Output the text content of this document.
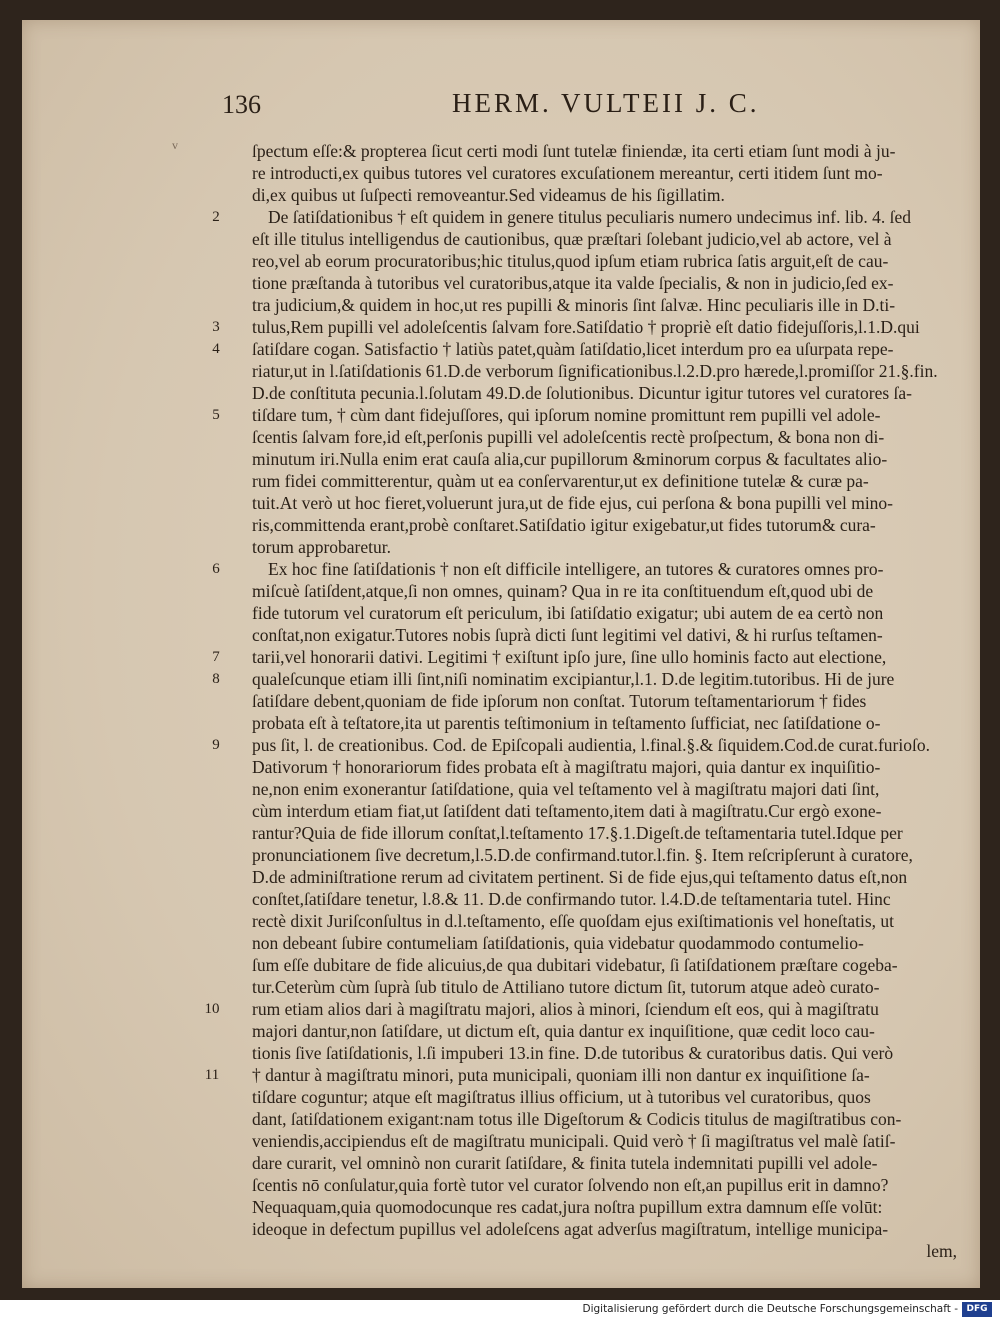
136	HERM. VULTEII J. C.
v	ſpectum eſſe:& propterea ſicut certi modi ſunt tutelæ finiendæ, ita certi etiam ſunt modi à ju-
re introducti,ex quibus tutores vel curatores excuſationem mereantur, certi itidem ſunt mo-
di,ex quibus ut ſuſpecti removeantur.Sed videamus de his ſigillatim.
De ſatiſdationibus † eſt quidem in genere titulus peculiaris numero undecimus inf. lib. 4. ſed
eſt ille titulus intelligendus de cautionibus, quæ præſtari ſolebant judicio,vel ab actore, vel à
reo,vel ab eorum procuratoribus;hic titulus,quod ipſum etiam rubrica ſatis arguit,eſt de cau-
tione præſtanda à tutoribus vel curatoribus,atque ita valde ſpecialis, & non in judicio,ſed ex-
tra judicium,& quidem in hoc,ut res pupilli & minoris ſint ſalvæ. Hinc peculiaris ille in D.ti-
tulus,Rem pupilli vel adoleſcentis ſalvam fore.Satiſdatio † propriè eſt datio fidejuſſoris,l.1.D.qui
ſatiſdare cogan. Satisfactio † latiùs patet,quàm ſatiſdatio,licet interdum pro ea uſurpata repe-
riatur,ut in l.ſatiſdationis 61.D.de verborum ſignificationibus.l.2.D.pro hærede,l.promiſſor 21.§.fin.
D.de conſtituta pecunia.l.ſolutam 49.D.de ſolutionibus. Dicuntur igitur tutores vel curatores ſa-
tiſdare tum, † cùm dant fidejuſſores, qui ipſorum nomine promittunt rem pupilli vel adole-
ſcentis ſalvam fore,id eſt,perſonis pupilli vel adoleſcentis rectè proſpectum, & bona non di-
minutum iri.Nulla enim erat cauſa alia,cur pupillorum &minorum corpus & facultates alio-
rum fidei committerentur, quàm ut ea conſervarentur,ut ex definitione tutelæ & curæ pa-
tuit.At verò ut hoc fieret,voluerunt jura,ut de fide ejus, cui perſona & bona pupilli vel mino-
ris,committenda erant,probè conſtaret.Satiſdatio igitur exigebatur,ut fides tutorum& cura-
torum approbaretur.
Ex hoc fine ſatiſdationis † non eſt difficile intelligere, an tutores & curatores omnes pro-
miſcuè ſatiſdent,atque,ſi non omnes, quinam? Qua in re ita conſtituendum eſt,quod ubi de
fide tutorum vel curatorum eſt periculum, ibi ſatiſdatio exigatur; ubi autem de ea certò non
conſtat,non exigatur.Tutores nobis ſuprà dicti ſunt legitimi vel dativi, & hi rurſus teſtamen-
tarii,vel honorarii dativi. Legitimi † exiſtunt ipſo jure, ſine ullo hominis facto aut electione,
qualeſcunque etiam illi ſint,niſi nominatim excipiantur,l.1. D.de legitim.tutoribus. Hi de jure
ſatiſdare debent,quoniam de fide ipſorum non conſtat. Tutorum teſtamentariorum † fides
probata eſt à teſtatore,ita ut parentis teſtimonium in teſtamento ſufficiat, nec ſatiſdatione o-
pus ſit, l. de creationibus. Cod. de Epiſcopali audientia, l.final.§.& ſiquidem.Cod.de curat.furioſo.
Dativorum † honorariorum fides probata eſt à magiſtratu majori, quia dantur ex inquiſitio-
ne,non enim exonerantur ſatiſdatione, quia vel teſtamento vel à magiſtratu majori dati ſint,
cùm interdum etiam fiat,ut ſatiſdent dati teſtamento,item dati à magiſtratu.Cur ergò exone-
rantur?Quia de fide illorum conſtat,l.teſtamento 17.§.1.Digeſt.de teſtamentaria tutel.Idque per
pronunciationem ſive decretum,l.5.D.de confirmand.tutor.l.fin. §. Item reſcripſerunt à curatore,
D.de adminiſtratione rerum ad civitatem pertinent. Si de fide ejus,qui teſtamento datus eſt,non
conſtet,ſatiſdare tenetur, l.8.& 11. D.de confirmando tutor. l.4.D.de teſtamentaria tutel. Hinc
rectè dixit Juriſconſultus in d.l.teſtamento, eſſe quoſdam ejus exiſtimationis vel honeſtatis, ut
non debeant ſubire contumeliam ſatiſdationis, quia videbatur quodammodo contumelio-
ſum eſſe dubitare de fide alicuius,de qua dubitari videbatur, ſi ſatiſdationem præſtare cogeba-
tur.Ceterùm cùm ſuprà ſub titulo de Attiliano tutore dictum ſit, tutorum atque adeò curato-
rum etiam alios dari à magiſtratu majori, alios à minori, ſciendum eſt eos, qui à magiſtratu
majori dantur,non ſatiſdare, ut dictum eſt, quia dantur ex inquiſitione, quæ cedit loco cau-
tionis ſive ſatiſdationis, l.ſi impuberi 13.in fine. D.de tutoribus & curatoribus datis. Qui verò
† dantur à magiſtratu minori, puta municipali, quoniam illi non dantur ex inquiſitione ſa-
tiſdare coguntur; atque eſt magiſtratus illius officium, ut à tutoribus vel curatoribus, quos
dant, ſatiſdationem exigant:nam totus ille Digeſtorum & Codicis titulus de magiſtratibus con-
veniendis,accipiendus eſt de magiſtratu municipali. Quid verò † ſi magiſtratus vel malè ſatiſ-
dare curarit, vel omninò non curarit ſatiſdare, & finita tutela indemnitati pupilli vel adole-
ſcentis nō conſulatur,quia fortè tutor vel curator ſolvendo non eſt,an pupillus erit in damno?
Nequaquam,quia quomodocunque res cadat,jura noſtra pupillum extra damnum eſſe volūt:
ideoque in defectum pupillus vel adoleſcens agat adverſus magiſtratum, intellige municipa-
lem,
2
3
4
5
6
7
8
9
10
11
Digitalisierung gefördert durch die Deutsche Forschungsgemeinschaft - DFG
